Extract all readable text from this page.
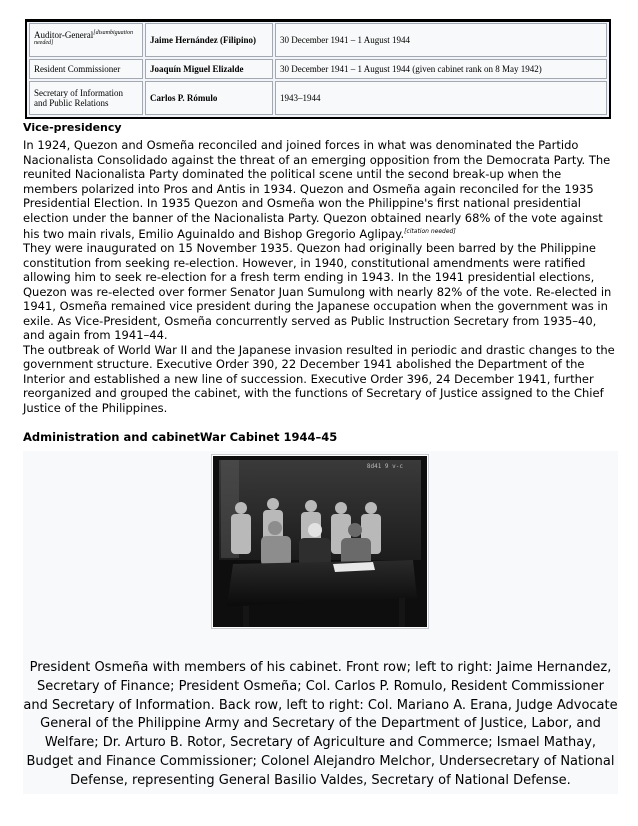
Auditor-General[disambiguation needed]	Jaime Hernández (Filipino)	30 December 1941 – 1 August 1944
Resident Commissioner	Joaquín Miguel Elizalde	30 December 1941 – 1 August 1944 (given cabinet rank on 8 May 1942)
Secretary of Information and Public Relations	Carlos P. Rómulo	1943–1944
Vice-presidency

In 1924, Quezon and Osmeña reconciled and joined forces in what was denominated the Partido Nacionalista Consolidado against the threat of an emerging opposition from the Democrata Party. The reunited Nacionalista Party dominated the political scene until the second break-up when the members polarized into Pros and Antis in 1934. Quezon and Osmeña again reconciled for the 1935 Presidential Election. In 1935 Quezon and Osmeña won the Philippine's first national presidential election under the banner of the Nacionalista Party. Quezon obtained nearly 68% of the vote against his two main rivals, Emilio Aguinaldo and Bishop Gregorio Aglipay.[citation needed]

They were inaugurated on 15 November 1935. Quezon had originally been barred by the Philippine constitution from seeking re-election. However, in 1940, constitutional amendments were ratified allowing him to seek re-election for a fresh term ending in 1943. In the 1941 presidential elections, Quezon was re-elected over former Senator Juan Sumulong with nearly 82% of the vote. Re-elected in 1941, Osmeña remained vice president during the Japanese occupation when the government was in exile. As Vice-President, Osmeña concurrently served as Public Instruction Secretary from 1935–40, and again from 1941–44.

The outbreak of World War II and the Japanese invasion resulted in periodic and drastic changes to the government structure. Executive Order 390, 22 December 1941 abolished the Department of the Interior and established a new line of succession. Executive Order 396, 24 December 1941, further reorganized and grouped the cabinet, with the functions of Secretary of Justice assigned to the Chief Justice of the Philippines.

Administration and cabinetWar Cabinet 1944–45
8d41 9 v-c

President Osmeña with members of his cabinet. Front row; left to right: Jaime Hernandez, Secretary of Finance; President Osmeña; Col. Carlos P. Romulo, Resident Commissioner and Secretary of Information. Back row, left to right: Col. Mariano A. Erana, Judge Advocate General of the Philippine Army and Secretary of the Department of Justice, Labor, and Welfare; Dr. Arturo B. Rotor, Secretary of Agriculture and Commerce; Ismael Mathay, Budget and Finance Commissioner; Colonel Alejandro Melchor, Undersecretary of National Defense, representing General Basilio Valdes, Secretary of National Defense.
